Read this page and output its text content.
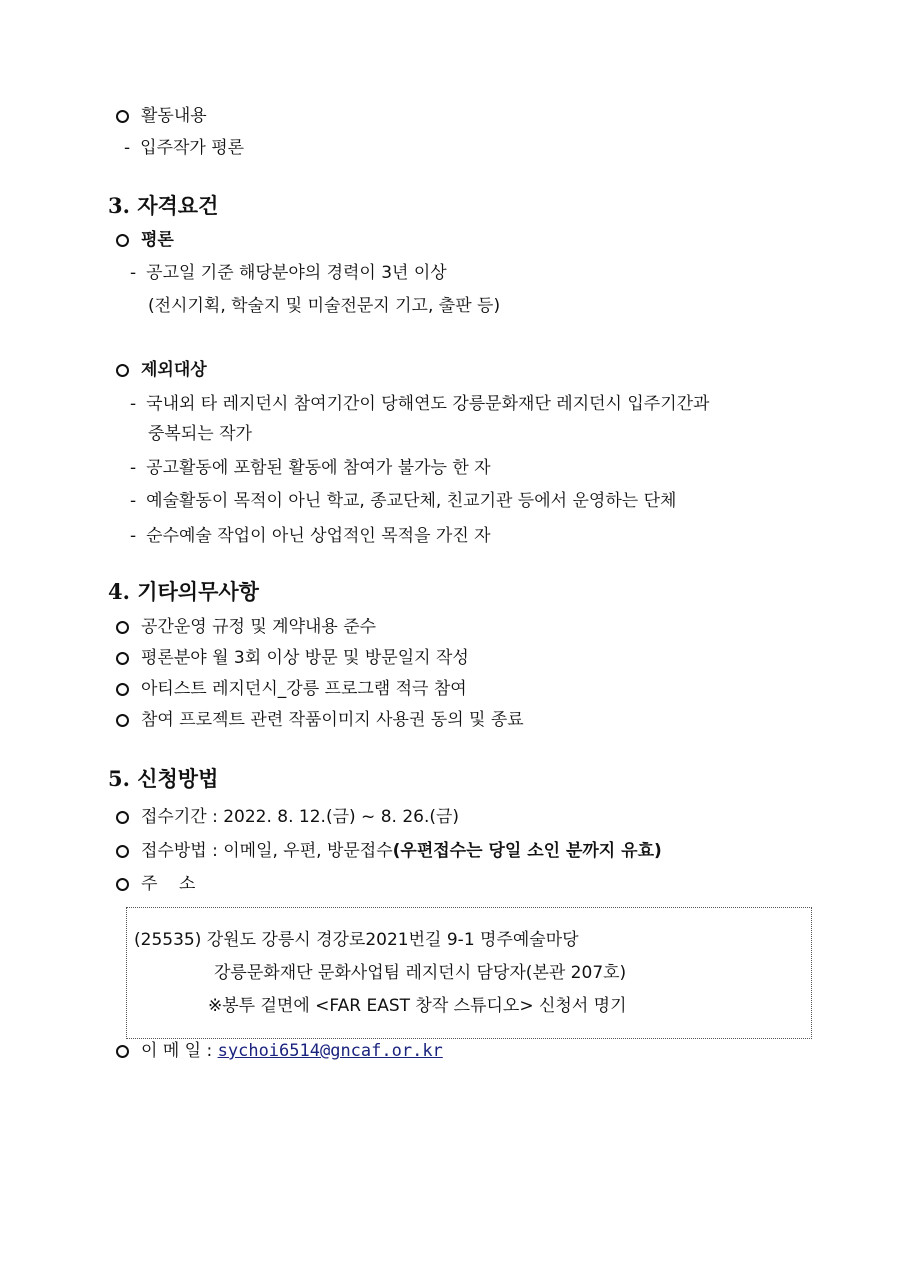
활동내용
- 입주작가 평론
3. 자격요건
평론
- 공고일 기준 해당분야의 경력이 3년 이상
(전시기획, 학술지 및 미술전문지 기고, 출판 등)
제외대상
- 국내외 타 레지던시 참여기간이 당해연도 강릉문화재단 레지던시 입주기간과
중복되는 작가
- 공고활동에 포함된 활동에 참여가 불가능 한 자
- 예술활동이 목적이 아닌 학교, 종교단체, 친교기관 등에서 운영하는 단체
- 순수예술 작업이 아닌 상업적인 목적을 가진 자
4. 기타의무사항
공간운영 규정 및 계약내용 준수
평론분야 월 3회 이상 방문 및 방문일지 작성
아티스트 레지던시_강릉 프로그램 적극 참여
참여 프로젝트 관련 작품이미지 사용권 동의 및 종료
5. 신청방법
접수기간 : 2022. 8. 12.(금) ~ 8. 26.(금)
접수방법 : 이메일, 우편, 방문접수(우편접수는 당일 소인 분까지 유효)
주    소
(25535) 강원도 강릉시 경강로2021번길 9-1 명주예술마당
강릉문화재단 문화사업팀 레지던시 담당자(본관 207호)
※봉투 겉면에 <FAR EAST 창작 스튜디오> 신청서 명기
이 메 일 : sychoi6514@gncaf.or.kr
